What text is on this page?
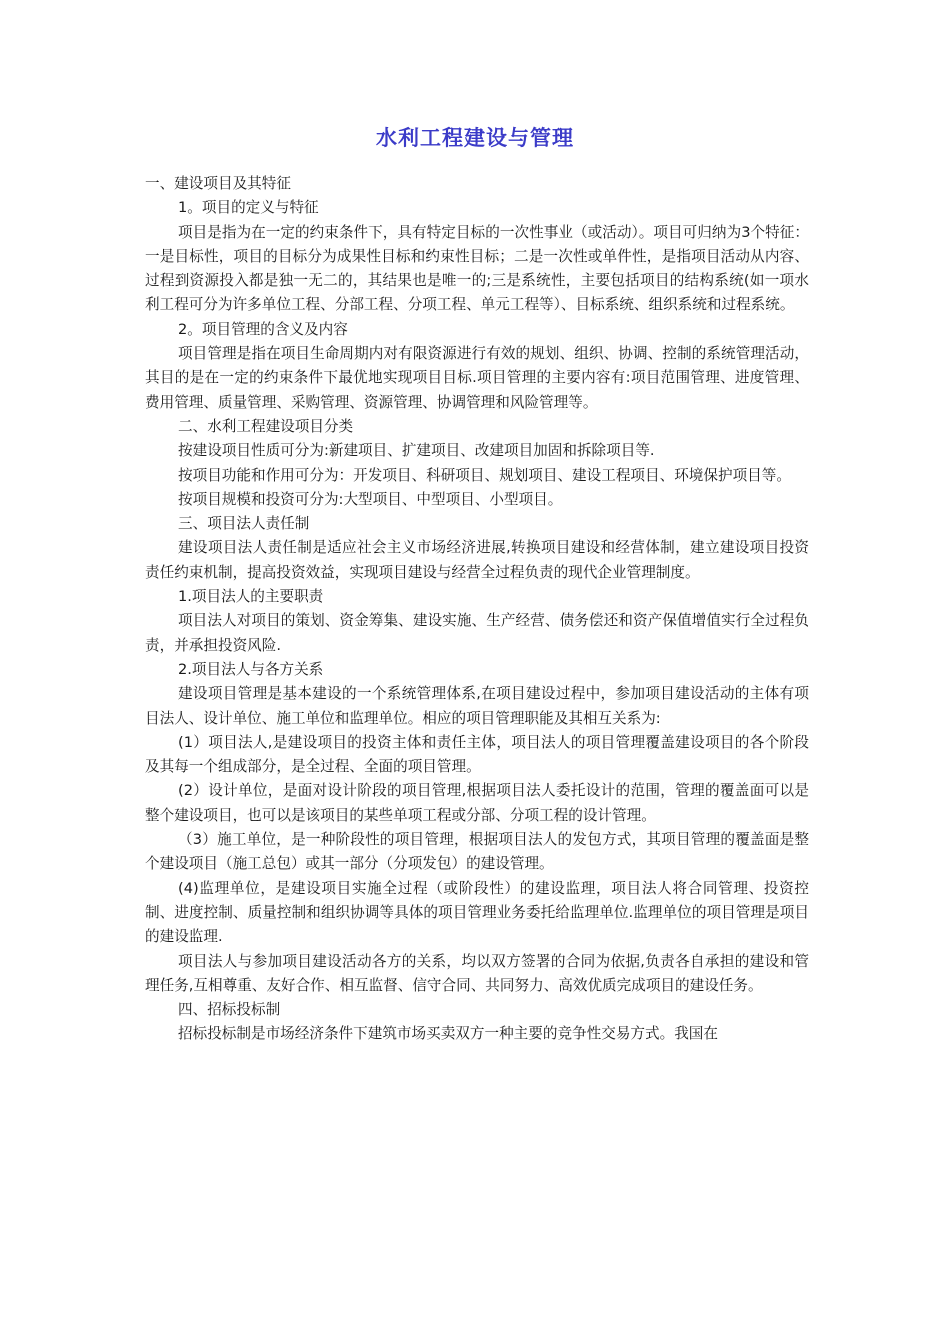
水利工程建设与管理

一、建设项目及其特征

1。项目的定义与特征

项目是指为在一定的约束条件下，具有特定目标的一次性事业（或活动）。项目可归纳为3个特征：一是目标性，项目的目标分为成果性目标和约束性目标；二是一次性或单件性，是指项目活动从内容、过程到资源投入都是独一无二的，其结果也是唯一的;三是系统性，主要包括项目的结构系统(如一项水利工程可分为许多单位工程、分部工程、分项工程、单元工程等）、目标系统、组织系统和过程系统。

2。项目管理的含义及内容

项目管理是指在项目生命周期内对有限资源进行有效的规划、组织、协调、控制的系统管理活动，其目的是在一定的约束条件下最优地实现项目目标.项目管理的主要内容有:项目范围管理、进度管理、费用管理、质量管理、采购管理、资源管理、协调管理和风险管理等。

二、水利工程建设项目分类

按建设项目性质可分为:新建项目、扩建项目、改建项目加固和拆除项目等.

按项目功能和作用可分为：开发项目、科研项目、规划项目、建设工程项目、环境保护项目等。

按项目规模和投资可分为:大型项目、中型项目、小型项目。

三、项目法人责任制

建设项目法人责任制是适应社会主义市场经济进展,转换项目建设和经营体制，建立建设项目投资责任约束机制，提高投资效益，实现项目建设与经营全过程负责的现代企业管理制度。

1.项目法人的主要职责

项目法人对项目的策划、资金筹集、建设实施、生产经营、债务偿还和资产保值增值实行全过程负责，并承担投资风险.

2.项目法人与各方关系

建设项目管理是基本建设的一个系统管理体系,在项目建设过程中，参加项目建设活动的主体有项目法人、设计单位、施工单位和监理单位。相应的项目管理职能及其相互关系为:

(1）项目法人,是建设项目的投资主体和责任主体，项目法人的项目管理覆盖建设项目的各个阶段及其每一个组成部分，是全过程、全面的项目管理。

(2）设计单位，是面对设计阶段的项目管理,根据项目法人委托设计的范围，管理的覆盖面可以是整个建设项目，也可以是该项目的某些单项工程或分部、分项工程的设计管理。

（3）施工单位，是一种阶段性的项目管理，根据项目法人的发包方式，其项目管理的覆盖面是整个建设项目（施工总包）或其一部分（分项发包）的建设管理。

(4)监理单位，是建设项目实施全过程（或阶段性）的建设监理，项目法人将合同管理、投资控制、进度控制、质量控制和组织协调等具体的项目管理业务委托给监理单位.监理单位的项目管理是项目的建设监理.

项目法人与参加项目建设活动各方的关系，均以双方签署的合同为依据,负责各自承担的建设和管理任务,互相尊重、友好合作、相互监督、信守合同、共同努力、高效优质完成项目的建设任务。

四、招标投标制

招标投标制是市场经济条件下建筑市场买卖双方一种主要的竞争性交易方式。我国在
